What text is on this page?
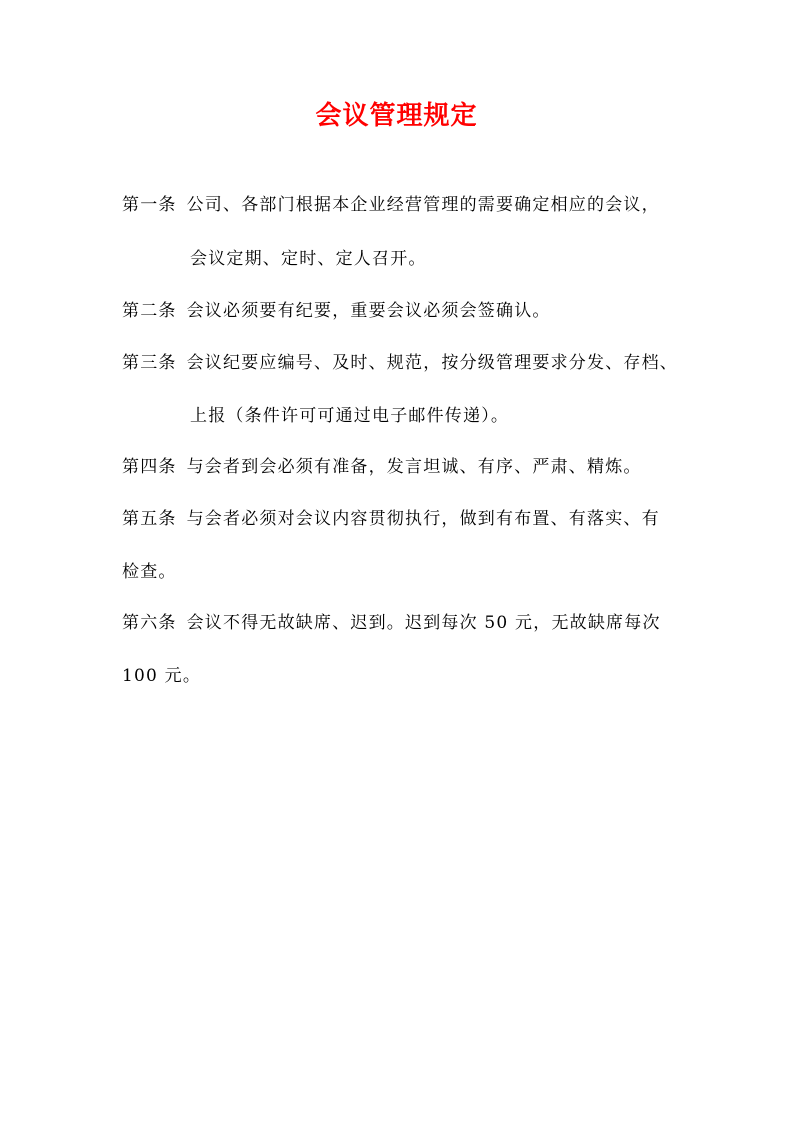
会议管理规定
第一条 公司、各部门根据本企业经营管理的需要确定相应的会议，
会议定期、定时、定人召开。
第二条 会议必须要有纪要，重要会议必须会签确认。
第三条 会议纪要应编号、及时、规范，按分级管理要求分发、存档、
上报（条件许可可通过电子邮件传递）。
第四条 与会者到会必须有准备，发言坦诚、有序、严肃、精炼。
第五条 与会者必须对会议内容贯彻执行，做到有布置、有落实、有
检查。
第六条 会议不得无故缺席、迟到。迟到每次 50 元，无故缺席每次
100 元。
